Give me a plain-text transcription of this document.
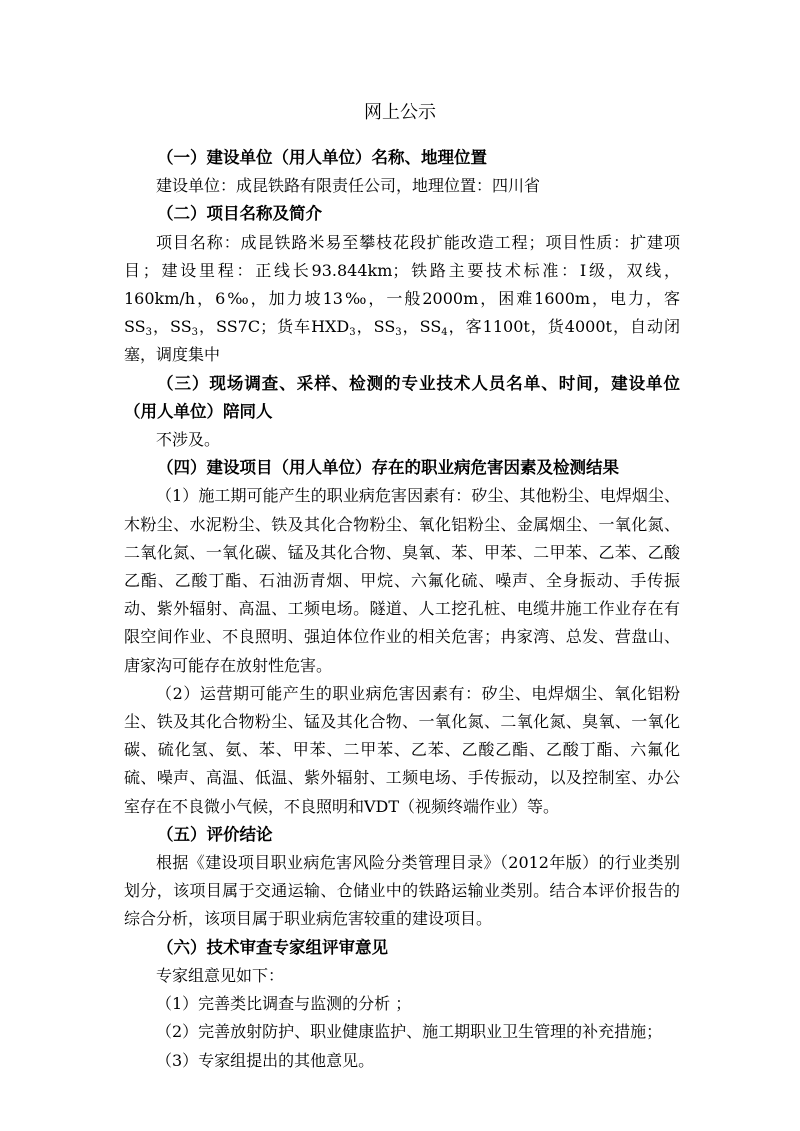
网上公示

（一）建设单位（用人单位）名称、地理位置

建设单位：成昆铁路有限责任公司，地理位置：四川省

（二）项目名称及简介

项目名称：成昆铁路米易至攀枝花段扩能改造工程；项目性质：扩建项目；建设里程：正线长93.844km；铁路主要技术标准：Ⅰ级，双线，160km/h，6‰，加力坡13‰，一般2000m，困难1600m，电力，客$SS_3$，$SS_3$，SS7C；货车$HXD_3$，$SS_3$，$SS_4$，客1100t，货4000t，自动闭塞，调度集中

（三）现场调查、采样、检测的专业技术人员名单、时间，建设单位（用人单位）陪同人

不涉及。

（四）建设项目（用人单位）存在的职业病危害因素及检测结果

（1）施工期可能产生的职业病危害因素有：矽尘、其他粉尘、电焊烟尘、木粉尘、水泥粉尘、铁及其化合物粉尘、氧化铝粉尘、金属烟尘、一氧化氮、二氧化氮、一氧化碳、锰及其化合物、臭氧、苯、甲苯、二甲苯、乙苯、乙酸乙酯、乙酸丁酯、石油沥青烟、甲烷、六氟化硫、噪声、全身振动、手传振动、紫外辐射、高温、工频电场。隧道、人工挖孔桩、电缆井施工作业存在有限空间作业、不良照明、强迫体位作业的相关危害；冉家湾、总发、营盘山、唐家沟可能存在放射性危害。

（2）运营期可能产生的职业病危害因素有：矽尘、电焊烟尘、氧化铝粉尘、铁及其化合物粉尘、锰及其化合物、一氧化氮、二氧化氮、臭氧、一氧化碳、硫化氢、氨、苯、甲苯、二甲苯、乙苯、乙酸乙酯、乙酸丁酯、六氟化硫、噪声、高温、低温、紫外辐射、工频电场、手传振动，以及控制室、办公室存在不良微小气候，不良照明和VDT（视频终端作业）等。

（五）评价结论

根据《建设项目职业病危害风险分类管理目录》（2012年版）的行业类别划分，该项目属于交通运输、仓储业中的铁路运输业类别。结合本评价报告的综合分析，该项目属于职业病危害较重的建设项目。

（六）技术审查专家组评审意见

专家组意见如下：

（1）完善类比调查与监测的分析 ；

（2）完善放射防护、职业健康监护、施工期职业卫生管理的补充措施；

（3）专家组提出的其他意见。
